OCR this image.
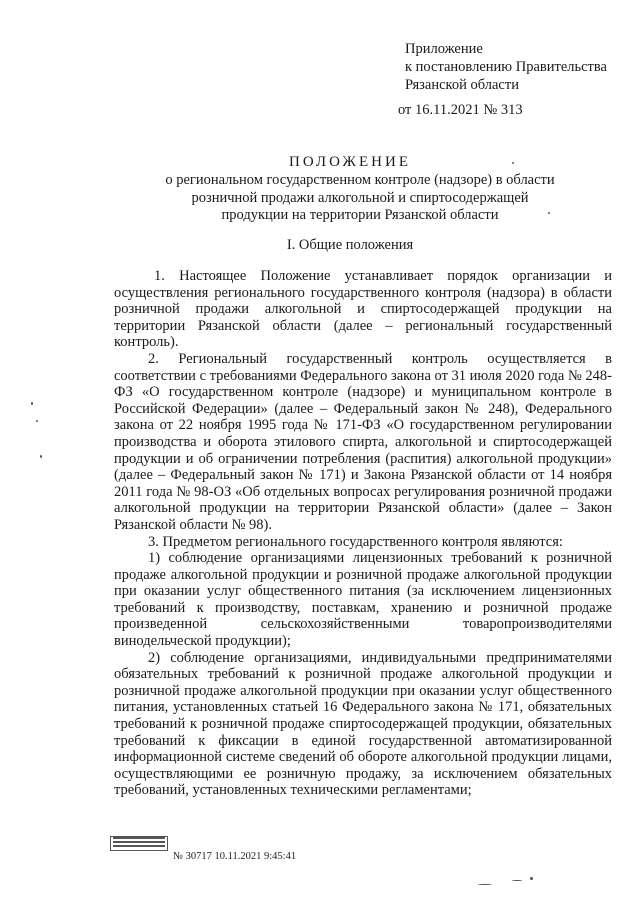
Приложение
к постановлению Правительства
Рязанской области
от 16.11.2021 № 313
ПОЛОЖЕНИЕ
о региональном государственном контроле (надзоре) в области
розничной продажи алкогольной и спиртосодержащей
продукции на территории Рязанской области
I. Общие положения

1. Настоящее Положение устанавливает порядок организации и осуществления регионального государственного контроля (надзора) в области розничной продажи алкогольной и спиртосодержащей продукции на территории Рязанской области (далее – региональный государственный контроль).

2. Региональный государственный контроль осуществляется в соответствии с требованиями Федерального закона от 31 июля 2020 года № 248-ФЗ «О государственном контроле (надзоре) и муниципальном контроле в Российской Федерации» (далее – Федеральный закон № 248), Федерального закона от 22 ноября 1995 года № 171-ФЗ «О государственном регулировании производства и оборота этилового спирта, алкогольной и спиртосодержащей продукции и об ограничении потребления (распития) алкогольной продукции» (далее – Федеральный закон № 171) и Закона Рязанской области от 14 ноября 2011 года № 98-ОЗ «Об отдельных вопросах регулирования розничной продажи алкогольной продукции на территории Рязанской области» (далее – Закон Рязанской области № 98).

3. Предметом регионального государственного контроля являются:

1) соблюдение организациями лицензионных требований к розничной продаже алкогольной продукции и розничной продаже алкогольной продукции при оказании услуг общественного питания (за исключением лицензионных требований к производству, поставкам, хранению и розничной продаже произведенной сельскохозяйственными товаропроизводителями винодельческой продукции);

2) соблюдение организациями, индивидуальными предпринимателями обязательных требований к розничной продаже алкогольной продукции и розничной продаже алкогольной продукции при оказании услуг общественного питания, установленных статьей 16 Федерального закона № 171, обязательных требований к розничной продаже спиртосодержащей продукции, обязательных требований к фиксации в единой государственной автоматизированной информационной системе сведений об обороте алкогольной продукции лицами, осуществляющими ее розничную продажу, за исключением обязательных требований, установленных техническими регламентами;

№ 30717 10.11.2021 9:45:41
